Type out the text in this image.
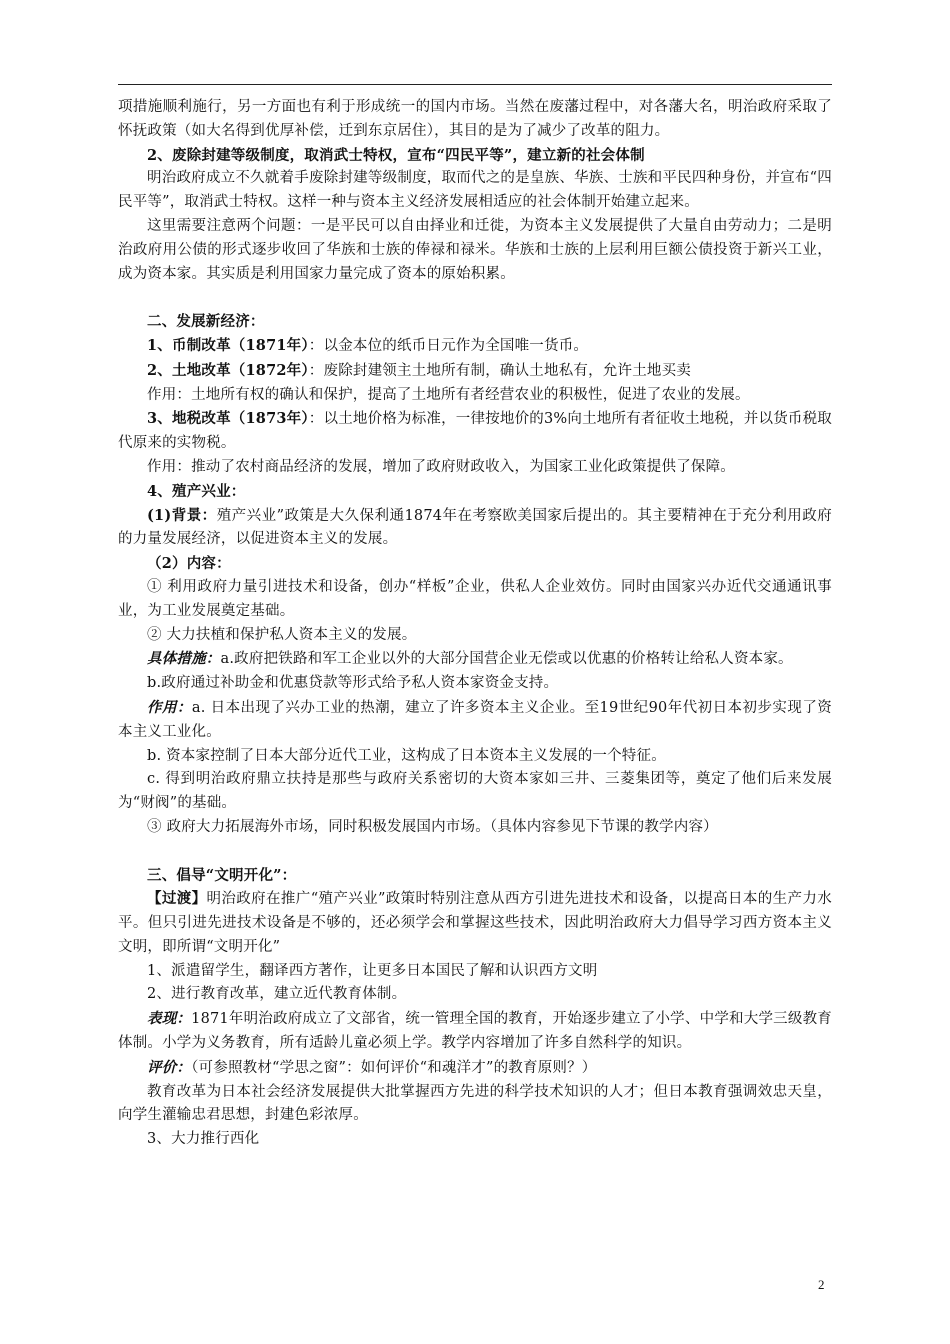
项措施顺利施行，另一方面也有利于形成统一的国内市场。当然在废藩过程中，对各藩大名，明治政府采取了怀抚政策（如大名得到优厚补偿，迁到东京居住），其目的是为了减少了改革的阻力。

2、废除封建等级制度，取消武士特权，宣布“四民平等”，建立新的社会体制

明治政府成立不久就着手废除封建等级制度，取而代之的是皇族、华族、士族和平民四种身份，并宣布“四民平等”，取消武士特权。这样一种与资本主义经济发展相适应的社会体制开始建立起来。

这里需要注意两个问题：一是平民可以自由择业和迁徙，为资本主义发展提供了大量自由劳动力；二是明治政府用公债的形式逐步收回了华族和士族的俸禄和禄米。华族和士族的上层利用巨额公债投资于新兴工业，成为资本家。其实质是利用国家力量完成了资本的原始积累。

二、发展新经济：

1、币制改革（1871年）：以金本位的纸币日元作为全国唯一货币。

2、土地改革（1872年）：废除封建领主土地所有制，确认土地私有，允许土地买卖

作用：土地所有权的确认和保护，提高了土地所有者经营农业的积极性，促进了农业的发展。

3、地税改革（1873年）：以土地价格为标准，一律按地价的3%向土地所有者征收土地税，并以货币税取代原来的实物税。

作用：推动了农村商品经济的发展，增加了政府财政收入，为国家工业化政策提供了保障。

4、殖产兴业：

(1)背景：殖产兴业”政策是大久保利通1874年在考察欧美国家后提出的。其主要精神在于充分利用政府的力量发展经济，以促进资本主义的发展。

（2）内容：

① 利用政府力量引进技术和设备，创办“样板”企业，供私人企业效仿。同时由国家兴办近代交通通讯事业，为工业发展奠定基础。

② 大力扶植和保护私人资本主义的发展。

具体措施：a.政府把铁路和军工企业以外的大部分国营企业无偿或以优惠的价格转让给私人资本家。

b.政府通过补助金和优惠贷款等形式给予私人资本家资金支持。

作用：a. 日本出现了兴办工业的热潮，建立了许多资本主义企业。至19世纪90年代初日本初步实现了资本主义工业化。

b. 资本家控制了日本大部分近代工业，这构成了日本资本主义发展的一个特征。

c. 得到明治政府鼎立扶持是那些与政府关系密切的大资本家如三井、三菱集团等，奠定了他们后来发展为“财阀”的基础。

③ 政府大力拓展海外市场，同时积极发展国内市场。（具体内容参见下节课的教学内容）

三、倡导“文明开化”：

【过渡】明治政府在推广“殖产兴业”政策时特别注意从西方引进先进技术和设备，以提高日本的生产力水平。但只引进先进技术设备是不够的，还必须学会和掌握这些技术，因此明治政府大力倡导学习西方资本主义文明，即所谓“文明开化”

1、派遣留学生，翻译西方著作，让更多日本国民了解和认识西方文明

2、进行教育改革，建立近代教育体制。

表现：1871年明治政府成立了文部省，统一管理全国的教育，开始逐步建立了小学、中学和大学三级教育体制。小学为义务教育，所有适龄儿童必须上学。教学内容增加了许多自然科学的知识。

评价：（可参照教材“学思之窗”：如何评价“和魂洋才”的教育原则？）

教育改革为日本社会经济发展提供大批掌握西方先进的科学技术知识的人才；但日本教育强调效忠天皇，向学生灌输忠君思想，封建色彩浓厚。

3、大力推行西化

2
